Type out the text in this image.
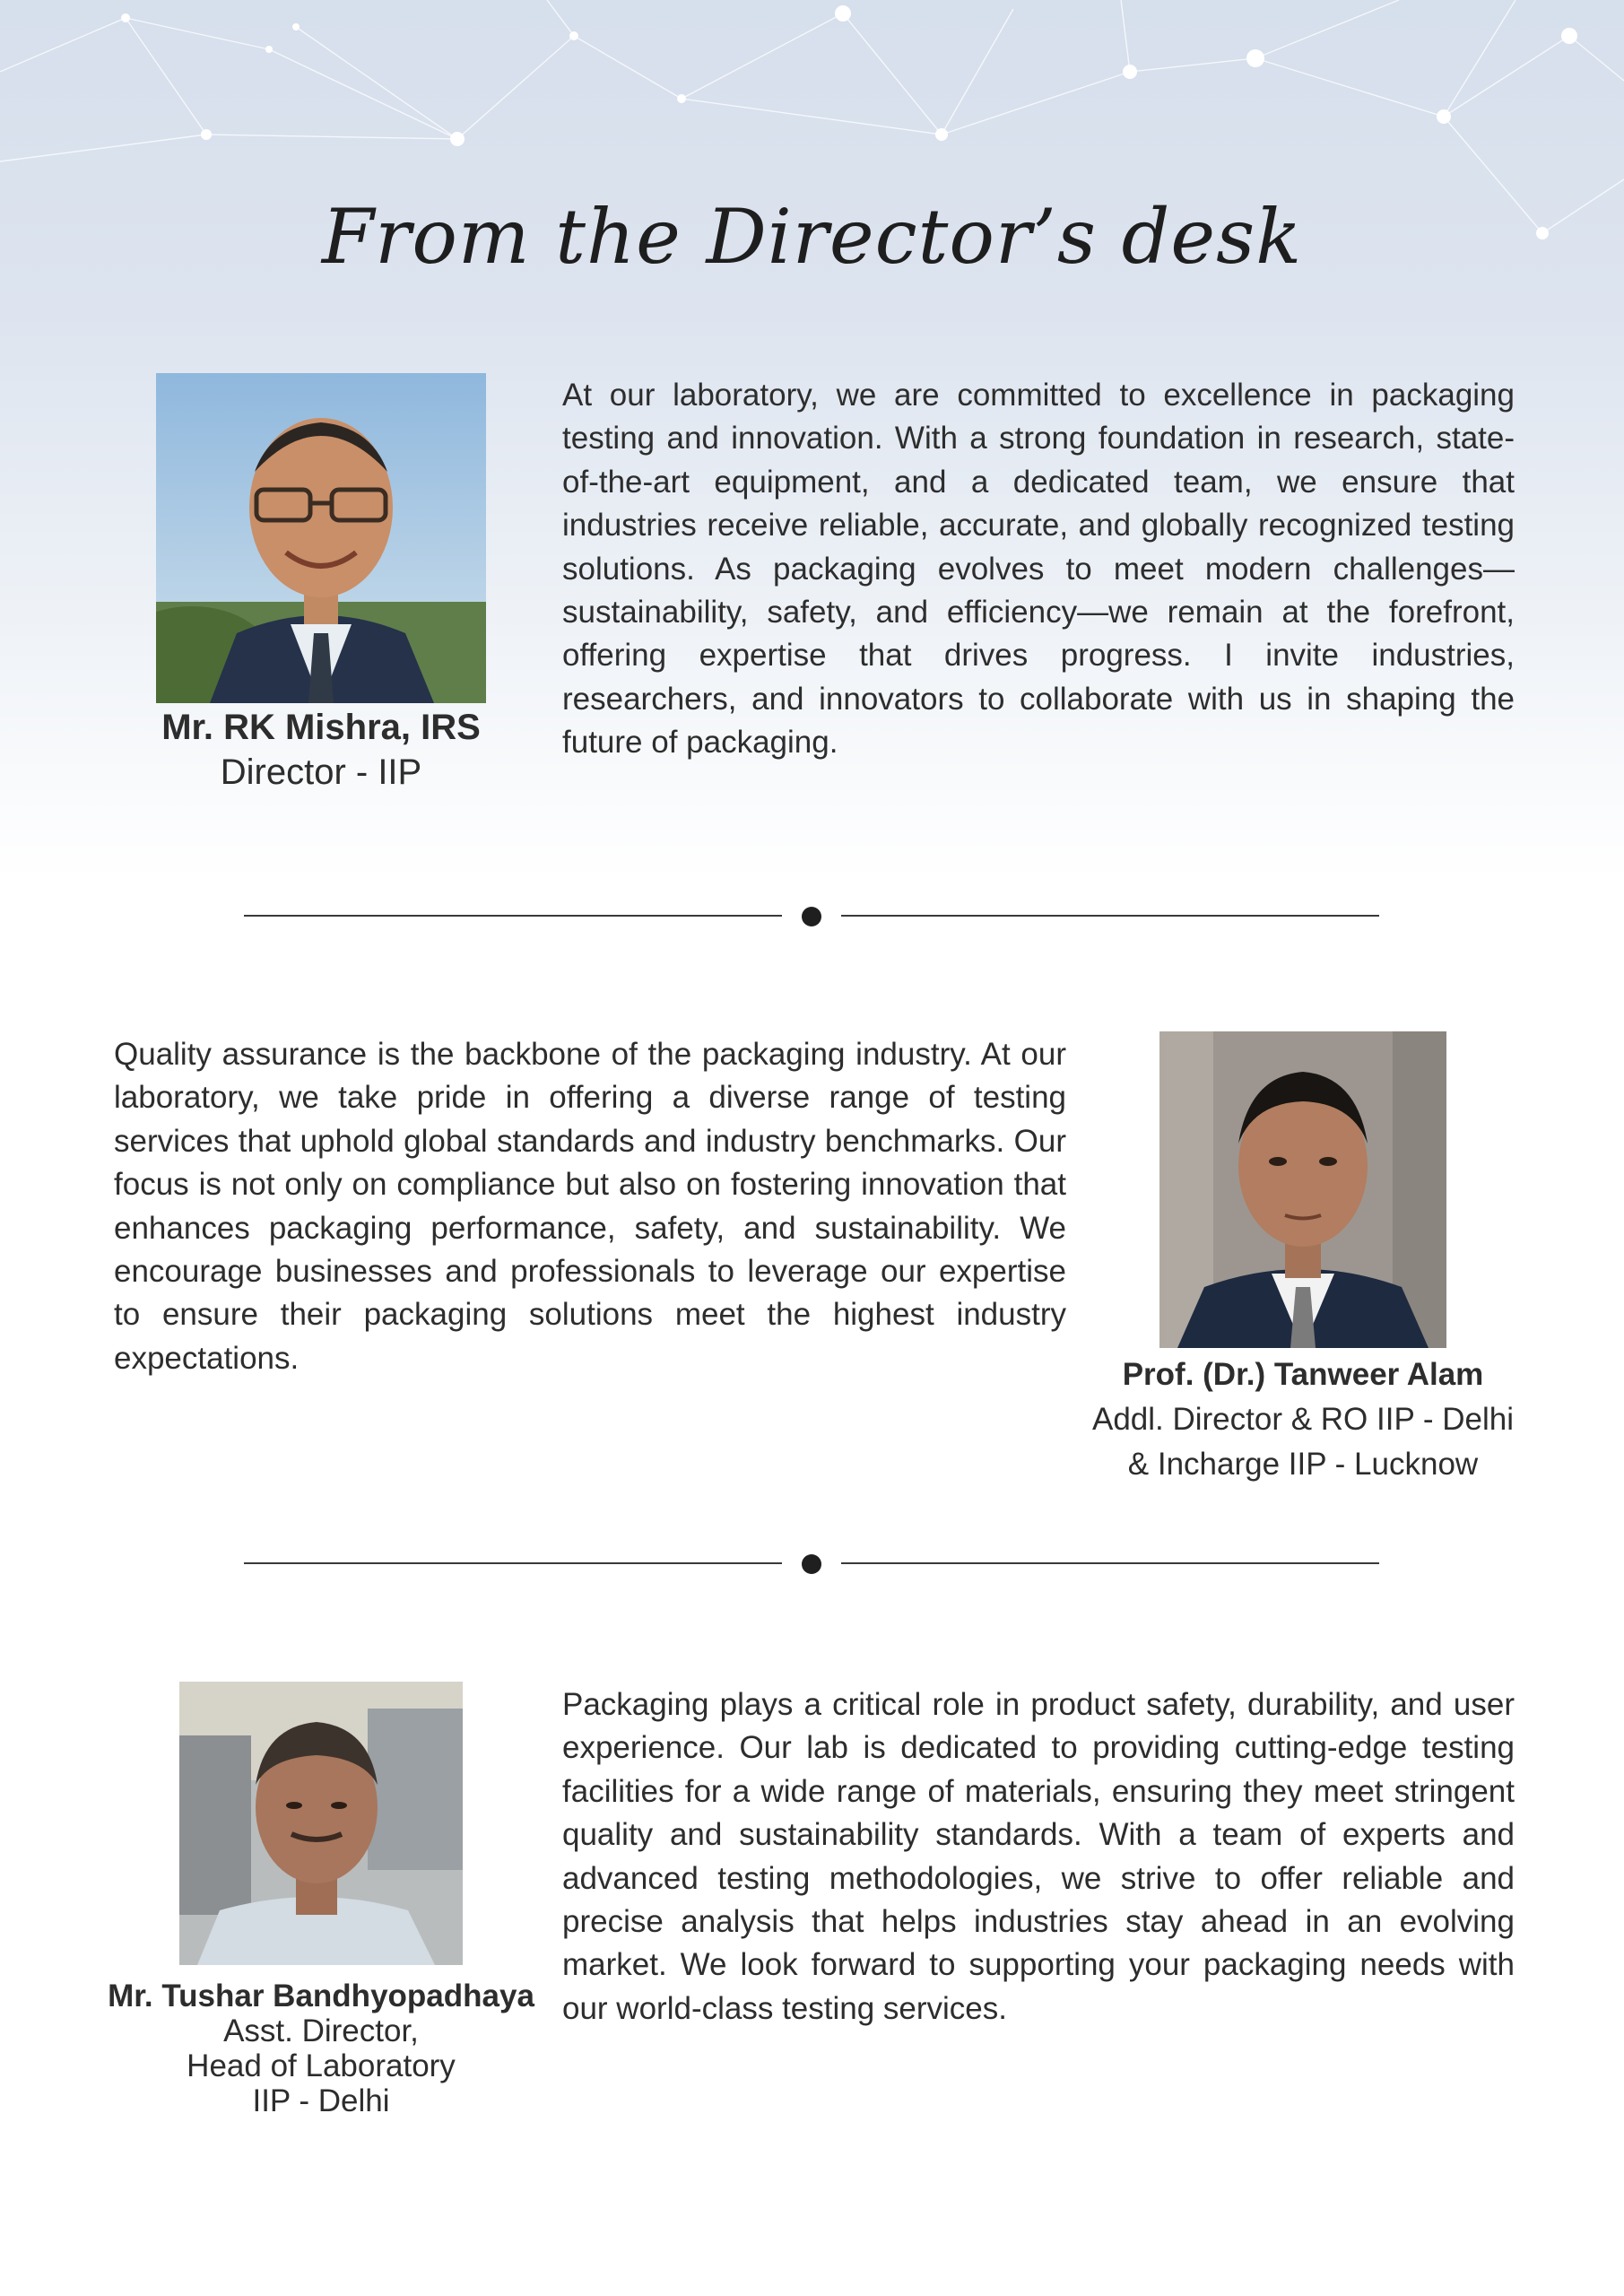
From the Director’s desk
Mr. RK Mishra, IRS
Director - IIP
At our laboratory, we are committed to excellence in packaging testing and innovation. With a strong foundation in research, state-of-the-art equipment, and a dedicated team, we ensure that industries receive reliable, accurate, and globally recognized testing solutions. As packaging evolves to meet modern challenges—sustainability, safety, and efficiency—we remain at the forefront, offering expertise that drives progress. I invite industries, researchers, and innovators to collaborate with us in shaping the future of packaging.
Quality assurance is the backbone of the packaging industry. At our laboratory, we take pride in offering a diverse range of testing services that uphold global standards and industry benchmarks. Our focus is not only on compliance but also on fostering innovation that enhances packaging performance, safety, and sustainability. We encourage businesses and professionals to leverage our expertise to ensure their packaging solutions meet the highest industry expectations.	Prof. (Dr.) Tanweer Alam
Addl. Director & RO IIP - Delhi
& Incharge IIP - Lucknow
Mr. Tushar Bandhyopadhaya
Asst. Director,
Head of Laboratory
IIP - Delhi
Packaging plays a critical role in product safety, durability, and user experience. Our lab is dedicated to providing cutting-edge testing facilities for a wide range of materials, ensuring they meet stringent quality and sustainability standards. With a team of experts and advanced testing methodologies, we strive to offer reliable and precise analysis that helps industries stay ahead in an evolving market. We look forward to supporting your packaging needs with our world-class testing services.
